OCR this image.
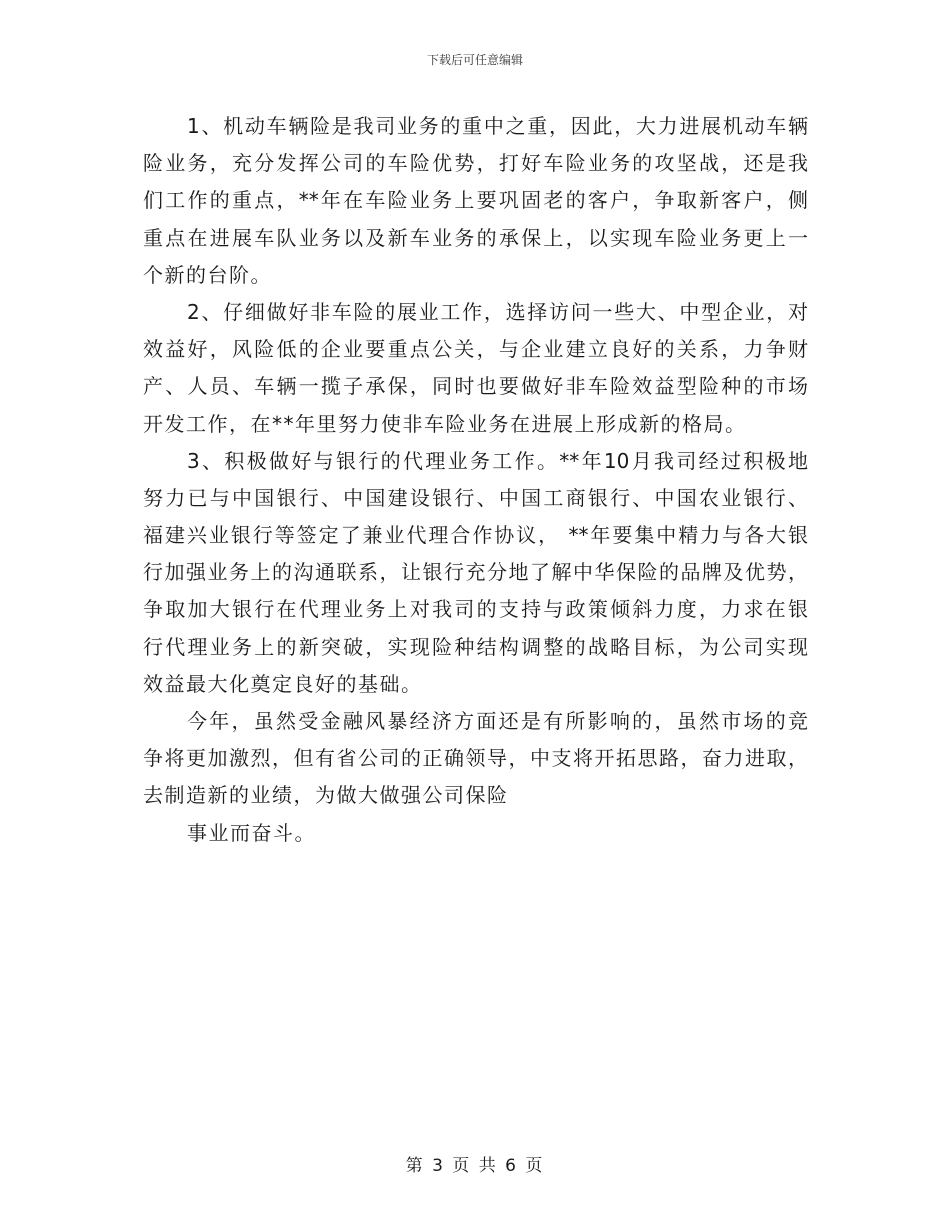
下载后可任意编辑
1、机动车辆险是我司业务的重中之重，因此，大力进展机动车辆
险业务，充分发挥公司的车险优势，打好车险业务的攻坚战，还是我
们工作的重点，**年在车险业务上要巩固老的客户，争取新客户，侧
重点在进展车队业务以及新车业务的承保上，以实现车险业务更上一
个新的台阶。
2、仔细做好非车险的展业工作，选择访问一些大、中型企业，对
效益好，风险低的企业要重点公关，与企业建立良好的关系，力争财
产、人员、车辆一揽子承保，同时也要做好非车险效益型险种的市场
开发工作，在**年里努力使非车险业务在进展上形成新的格局。
3、积极做好与银行的代理业务工作。**年10月我司经过积极地
努力已与中国银行、中国建设银行、中国工商银行、中国农业银行、
福建兴业银行等签定了兼业代理合作协议， **年要集中精力与各大银
行加强业务上的沟通联系，让银行充分地了解中华保险的品牌及优势，
争取加大银行在代理业务上对我司的支持与政策倾斜力度，力求在银
行代理业务上的新突破，实现险种结构调整的战略目标，为公司实现
效益最大化奠定良好的基础。
今年，虽然受金融风暴经济方面还是有所影响的，虽然市场的竞
争将更加激烈，但有省公司的正确领导，中支将开拓思路，奋力进取，
去制造新的业绩，为做大做强公司保险
事业而奋斗。
第 3 页 共 6 页
